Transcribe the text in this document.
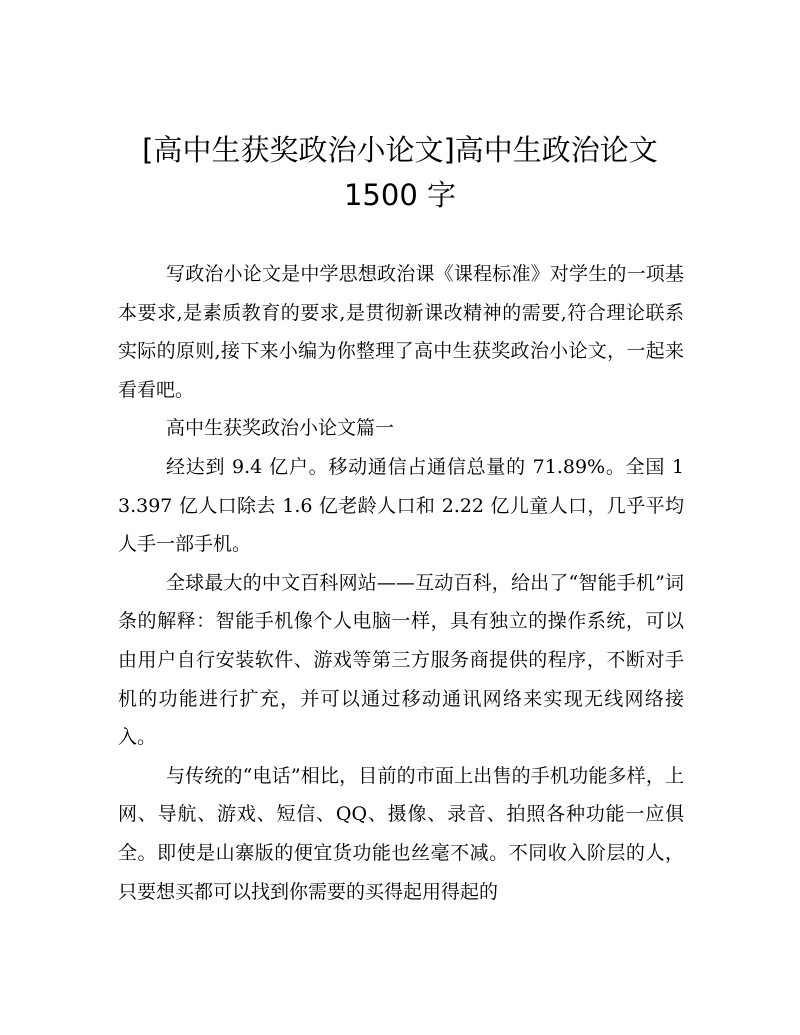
[高中生获奖政治小论文]高中生政治论文
1500 字

写政治小论文是中学思想政治课《课程标准》对学生的一项基本要求,是素质教育的要求,是贯彻新课改精神的需要,符合理论联系实际的原则,接下来小编为你整理了高中生获奖政治小论文，一起来看看吧。

高中生获奖政治小论文篇一

经达到 9.4 亿户。移动通信占通信总量的 71.89%。全国 13.397 亿人口除去 1.6 亿老龄人口和 2.22 亿儿童人口，几乎平均人手一部手机。

全球最大的中文百科网站——互动百科，给出了“智能手机”词条的解释：智能手机像个人电脑一样，具有独立的操作系统，可以由用户自行安装软件、游戏等第三方服务商提供的程序，不断对手机的功能进行扩充，并可以通过移动通讯网络来实现无线网络接入。

与传统的“电话”相比，目前的市面上出售的手机功能多样，上网、导航、游戏、短信、QQ、摄像、录音、拍照各种功能一应俱全。即使是山寨版的便宜货功能也丝毫不减。不同收入阶层的人，只要想买都可以找到你需要的买得起用得起的
